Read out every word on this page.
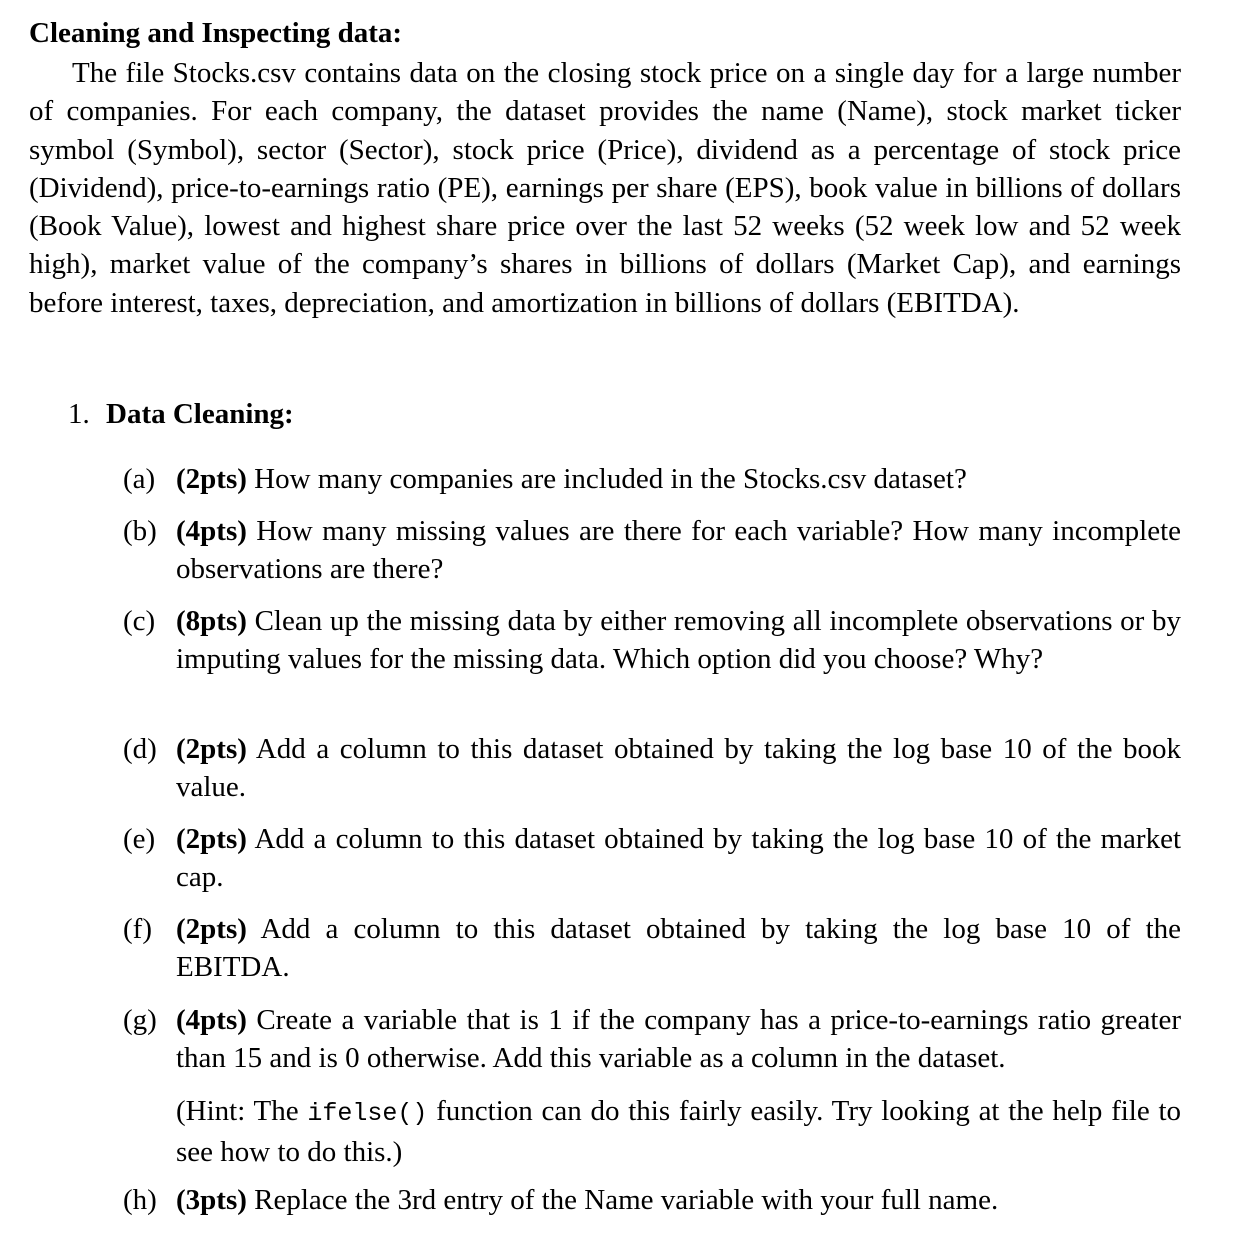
Cleaning and Inspecting data:

The file Stocks.csv contains data on the closing stock price on a single day for a large number of companies. For each company, the dataset provides the name (Name), stock market ticker symbol (Symbol), sector (Sector), stock price (Price), dividend as a percentage of stock price (Dividend), price-to-earnings ratio (PE), earnings per share (EPS), book value in billions of dollars (Book Value), lowest and highest share price over the last 52 weeks (52 week low and 52 week high), market value of the company’s shares in billions of dollars (Market Cap), and earnings before interest, taxes, depreciation, and amortization in billions of dollars (EBITDA).

1. Data Cleaning:
(a) (2pts) How many companies are included in the Stocks.csv dataset?
(b) (4pts) How many missing values are there for each variable? How many incomplete observations are there?
(c) (8pts) Clean up the missing data by either removing all incomplete observations or by imputing values for the missing data. Which option did you choose? Why?
(d) (2pts) Add a column to this dataset obtained by taking the log base 10 of the book value.
(e) (2pts) Add a column to this dataset obtained by taking the log base 10 of the market cap.
(f) (2pts) Add a column to this dataset obtained by taking the log base 10 of the EBITDA.
(g) (4pts) Create a variable that is 1 if the company has a price-to-earnings ratio greater than 15 and is 0 otherwise. Add this variable as a column in the dataset.

(Hint: The ifelse() function can do this fairly easily. Try looking at the help file to see how to do this.)

(h) (3pts) Replace the 3rd entry of the Name variable with your full name.
